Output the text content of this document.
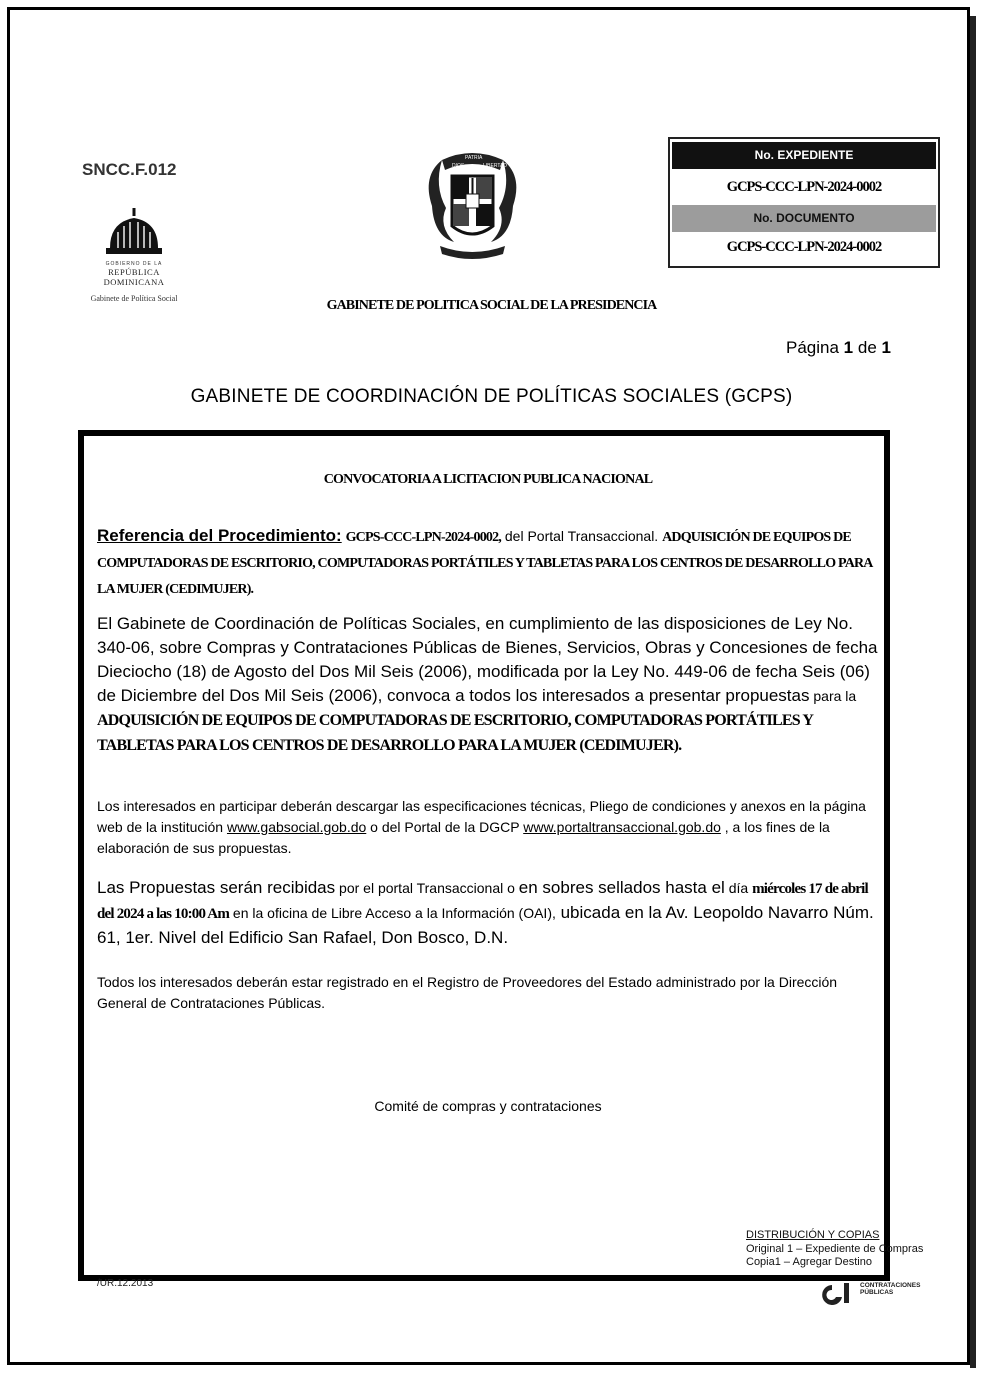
SNCC.F.012
GOBIERNO DE LA
REPÚBLICA DOMINICANA
Gabinete de Política Social
DIOS
PATRIA
LIBERTAD
No. EXPEDIENTE
GCPS-CCC-LPN-2024-0002
No. DOCUMENTO
GCPS-CCC-LPN-2024-0002
GABINETE DE POLITICA SOCIAL DE LA PRESIDENCIA
Página 1 de 1
GABINETE DE COORDINACIÓN DE POLÍTICAS SOCIALES (GCPS)
CONVOCATORIA A LICITACION PUBLICA NACIONAL
Referencia del Procedimiento: GCPS-CCC-LPN-2024-0002, del Portal Transaccional. ADQUISICIÓN DE EQUIPOS DE COMPUTADORAS DE ESCRITORIO, COMPUTADORAS PORTÁTILES Y TABLETAS PARA LOS CENTROS DE DESARROLLO PARA LA MUJER (CEDIMUJER).
El Gabinete de Coordinación de Políticas Sociales, en cumplimiento de las disposiciones de Ley No. 340-06, sobre Compras y Contrataciones Públicas de Bienes, Servicios, Obras y Concesiones de fecha Dieciocho (18) de Agosto del Dos Mil Seis (2006), modificada por la Ley No. 449-06 de fecha Seis (06) de Diciembre del Dos Mil Seis (2006), convoca a todos los interesados a presentar propuestas para la ADQUISICIÓN DE EQUIPOS DE COMPUTADORAS DE ESCRITORIO, COMPUTADORAS PORTÁTILES Y TABLETAS PARA LOS CENTROS DE DESARROLLO PARA LA MUJER (CEDIMUJER).
Los interesados en participar deberán descargar las especificaciones técnicas, Pliego de condiciones y anexos en la página web de la institución www.gabsocial.gob.do o del Portal de la DGCP www.portaltransaccional.gob.do , a los fines de la elaboración de sus propuestas.
Las Propuestas serán recibidas por el portal Transaccional o en sobres sellados hasta el día miércoles 17 de abril del 2024 a las 10:00 Am en la oficina de Libre Acceso a la Información (OAI), ubicada en la Av. Leopoldo Navarro Núm. 61, 1er. Nivel del Edificio San Rafael, Don Bosco, D.N.
Todos los interesados deberán estar registrado en el Registro de Proveedores del Estado administrado por la Dirección General de Contrataciones Públicas.
Comité de compras y contrataciones
DISTRIBUCIÓN Y COPIAS
Original 1 – Expediente de Compras
Copia1 – Agregar Destino
/UR.12.2013	CONTRATACIONES
PÚBLICAS
